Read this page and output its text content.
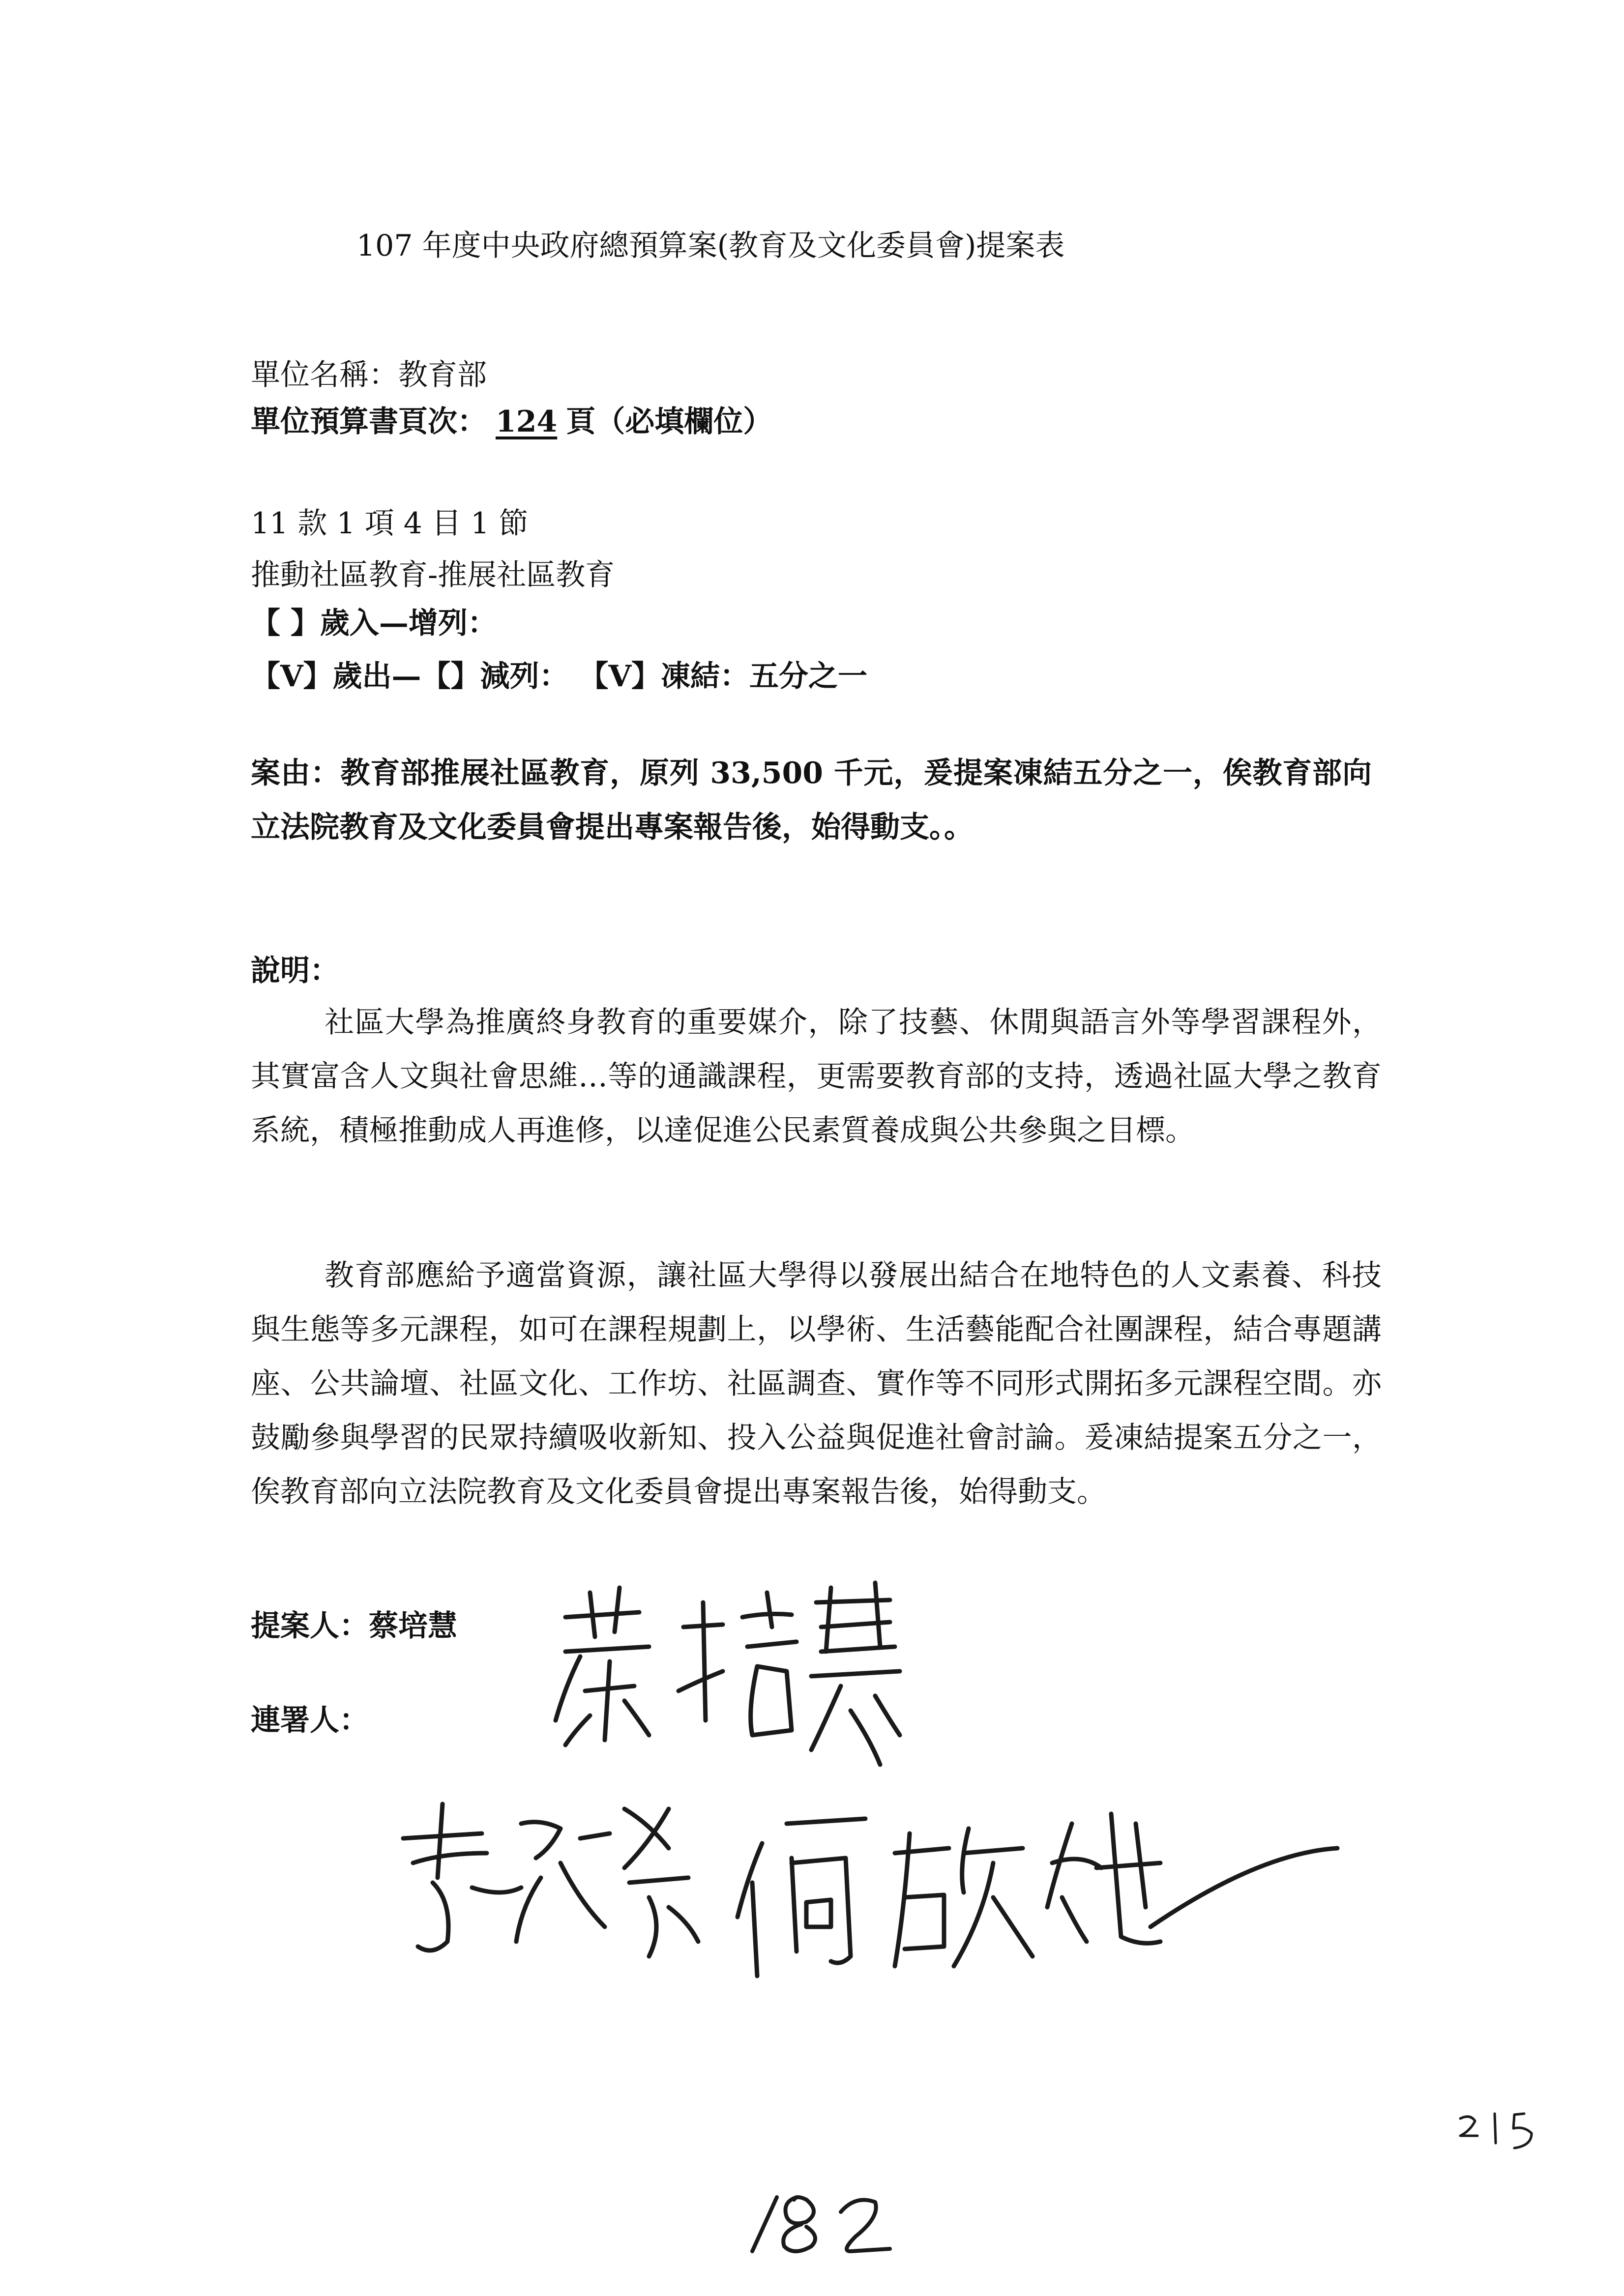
107 年度中央政府總預算案(教育及文化委員會)提案表
單位名稱：教育部
單位預算書頁次： 124 頁（必填欄位）
11 款 1 項 4 目 1 節
推動社區教育-推展社區教育
【 】歲入—增列：
【V】歲出—【】減列： 【V】凍結：五分之一
案由：教育部推展社區教育，原列 33,500 千元，爰提案凍結五分之一，俟教育部向立法院教育及文化委員會提出專案報告後，始得動支。。
說明：
社區大學為推廣終身教育的重要媒介，除了技藝、休閒與語言外等學習課程外，其實富含人文與社會思維…等的通識課程，更需要教育部的支持，透過社區大學之教育系統，積極推動成人再進修，以達促進公民素質養成與公共參與之目標。
教育部應給予適當資源，讓社區大學得以發展出結合在地特色的人文素養、科技與生態等多元課程，如可在課程規劃上，以學術、生活藝能配合社團課程，結合專題講座、公共論壇、社區文化、工作坊、社區調查、實作等不同形式開拓多元課程空間。亦鼓勵參與學習的民眾持續吸收新知、投入公益與促進社會討論。爰凍結提案五分之一，俟教育部向立法院教育及文化委員會提出專案報告後，始得動支。
提案人：蔡培慧
連署人：
